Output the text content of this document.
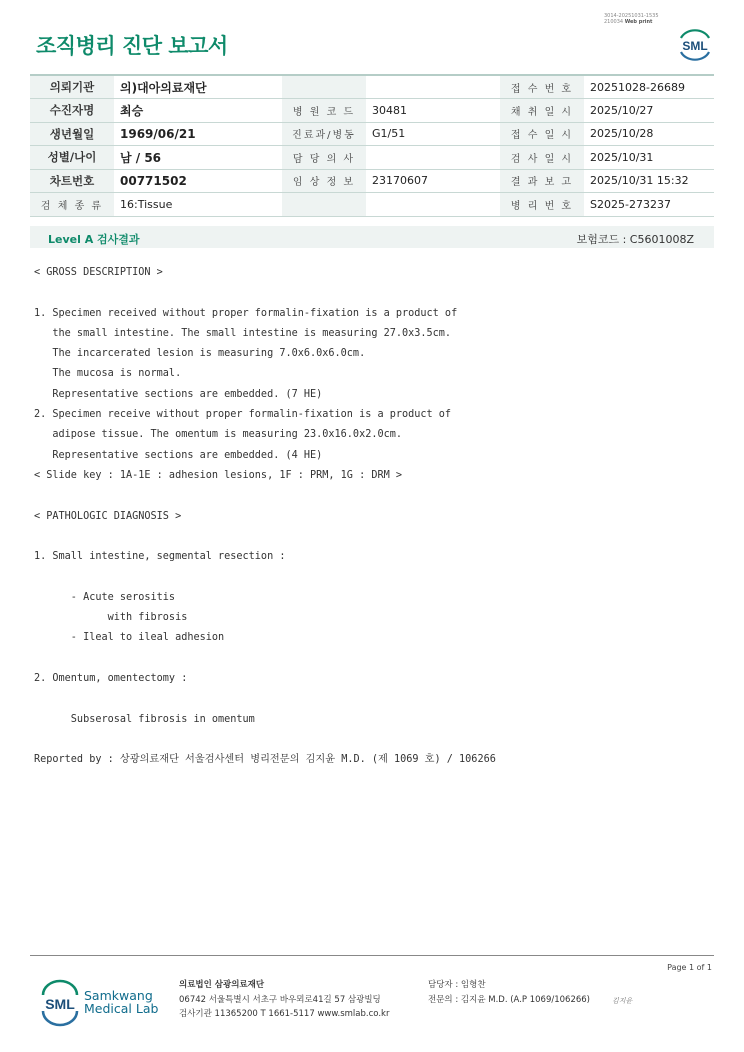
3014-20251031-1535
210034 Web print
조직병리 진단 보고서	SML
의뢰기관	의)대아의료재단			접 수 번 호	20251028-26689
수진자명	최승	병 원 코 드	30481	채 취 일 시	2025/10/27
생년월일	1969/06/21	진료과/병동	G1/51	접 수 일 시	2025/10/28
성별/나이	남 / 56	담 당 의 사		검 사 일 시	2025/10/31
차트번호	00771502	임 상 정 보	23170607	결 과 보 고	2025/10/31 15:32
검 체 종 류	16:Tissue			병 리 번 호	S2025-273237
Level A 검사결과	보험코드 : C5601008Z
< GROSS DESCRIPTION >
1. Specimen received without proper formalin-fixation is a product of
the small intestine. The small intestine is measuring 27.0x3.5cm.
The incarcerated lesion is measuring 7.0x6.0x6.0cm.
The mucosa is normal.
Representative sections are embedded. (7 HE)
2. Specimen receive without proper formalin-fixation is a product of
adipose tissue. The omentum is measuring 23.0x16.0x2.0cm.
Representative sections are embedded. (4 HE)
< Slide key : 1A-1E : adhesion lesions, 1F : PRM, 1G : DRM >
< PATHOLOGIC DIAGNOSIS >
1. Small intestine, segmental resection :
- Acute serositis
with fibrosis
- Ileal to ileal adhesion
2. Omentum, omentectomy :
Subserosal fibrosis in omentum
Reported by : 상광의료재단 서울검사센터 병리전문의 김지윤 M.D. (제 1069 호) / 106266
Page 1 of 1
SML
Samkwang
Medical Lab
의료법인 삼광의료재단
06742 서울특별시 서초구 바우뫼로41길 57 삼광빌딩
검사기관 11365200 T 1661-5117 www.smlab.co.kr
담당자 : 임형찬
전문의 : 김지윤 M.D. (A.P 1069/106266)	김지윤
